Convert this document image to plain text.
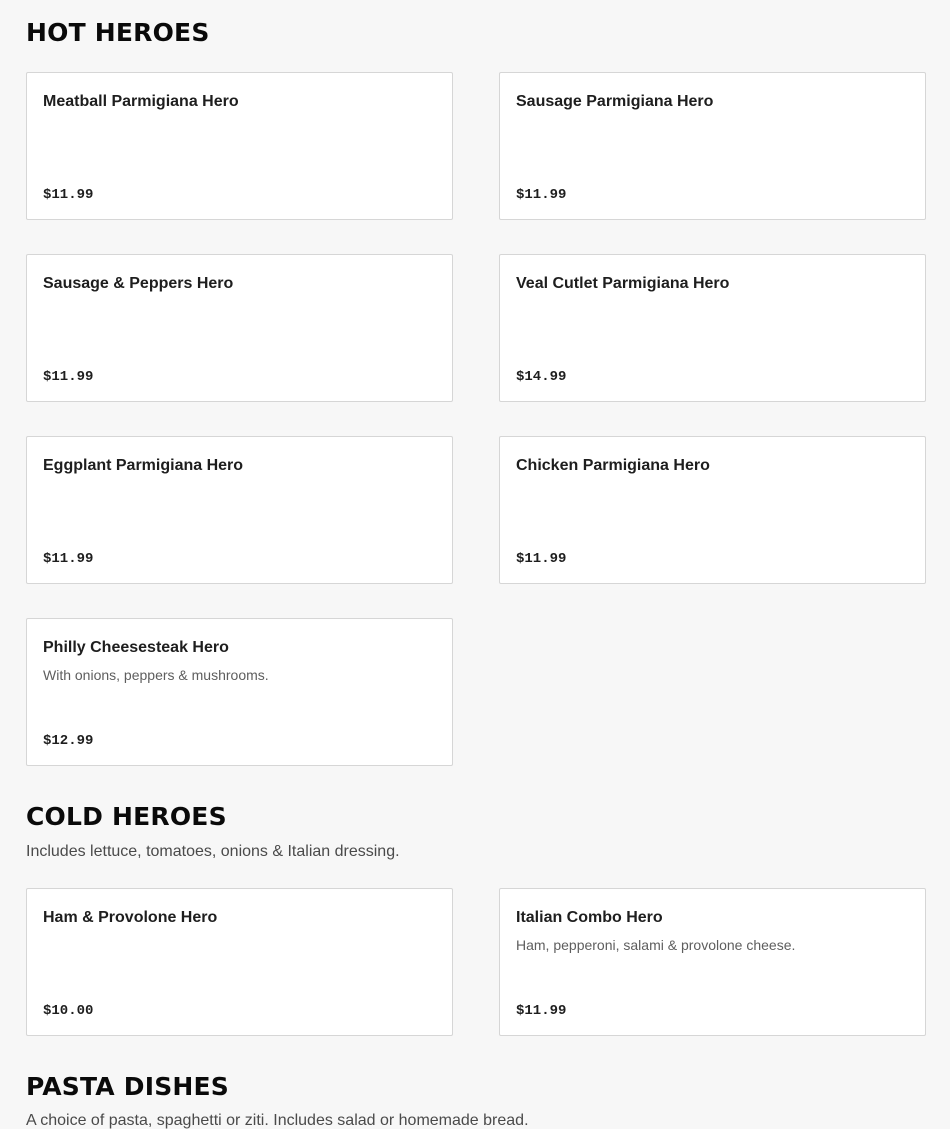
HOT HEROES
Meatball Parmigiana Hero
$11.99
Sausage Parmigiana Hero
$11.99
Sausage & Peppers Hero
$11.99
Veal Cutlet Parmigiana Hero
$14.99
Eggplant Parmigiana Hero
$11.99
Chicken Parmigiana Hero
$11.99
Philly Cheesesteak Hero
With onions, peppers & mushrooms.
$12.99
COLD HEROES

Includes lettuce, tomatoes, onions & Italian dressing.

Ham & Provolone Hero
$10.00
Italian Combo Hero
Ham, pepperoni, salami & provolone cheese.
$11.99
PASTA DISHES

A choice of pasta, spaghetti or ziti. Includes salad or homemade bread.
